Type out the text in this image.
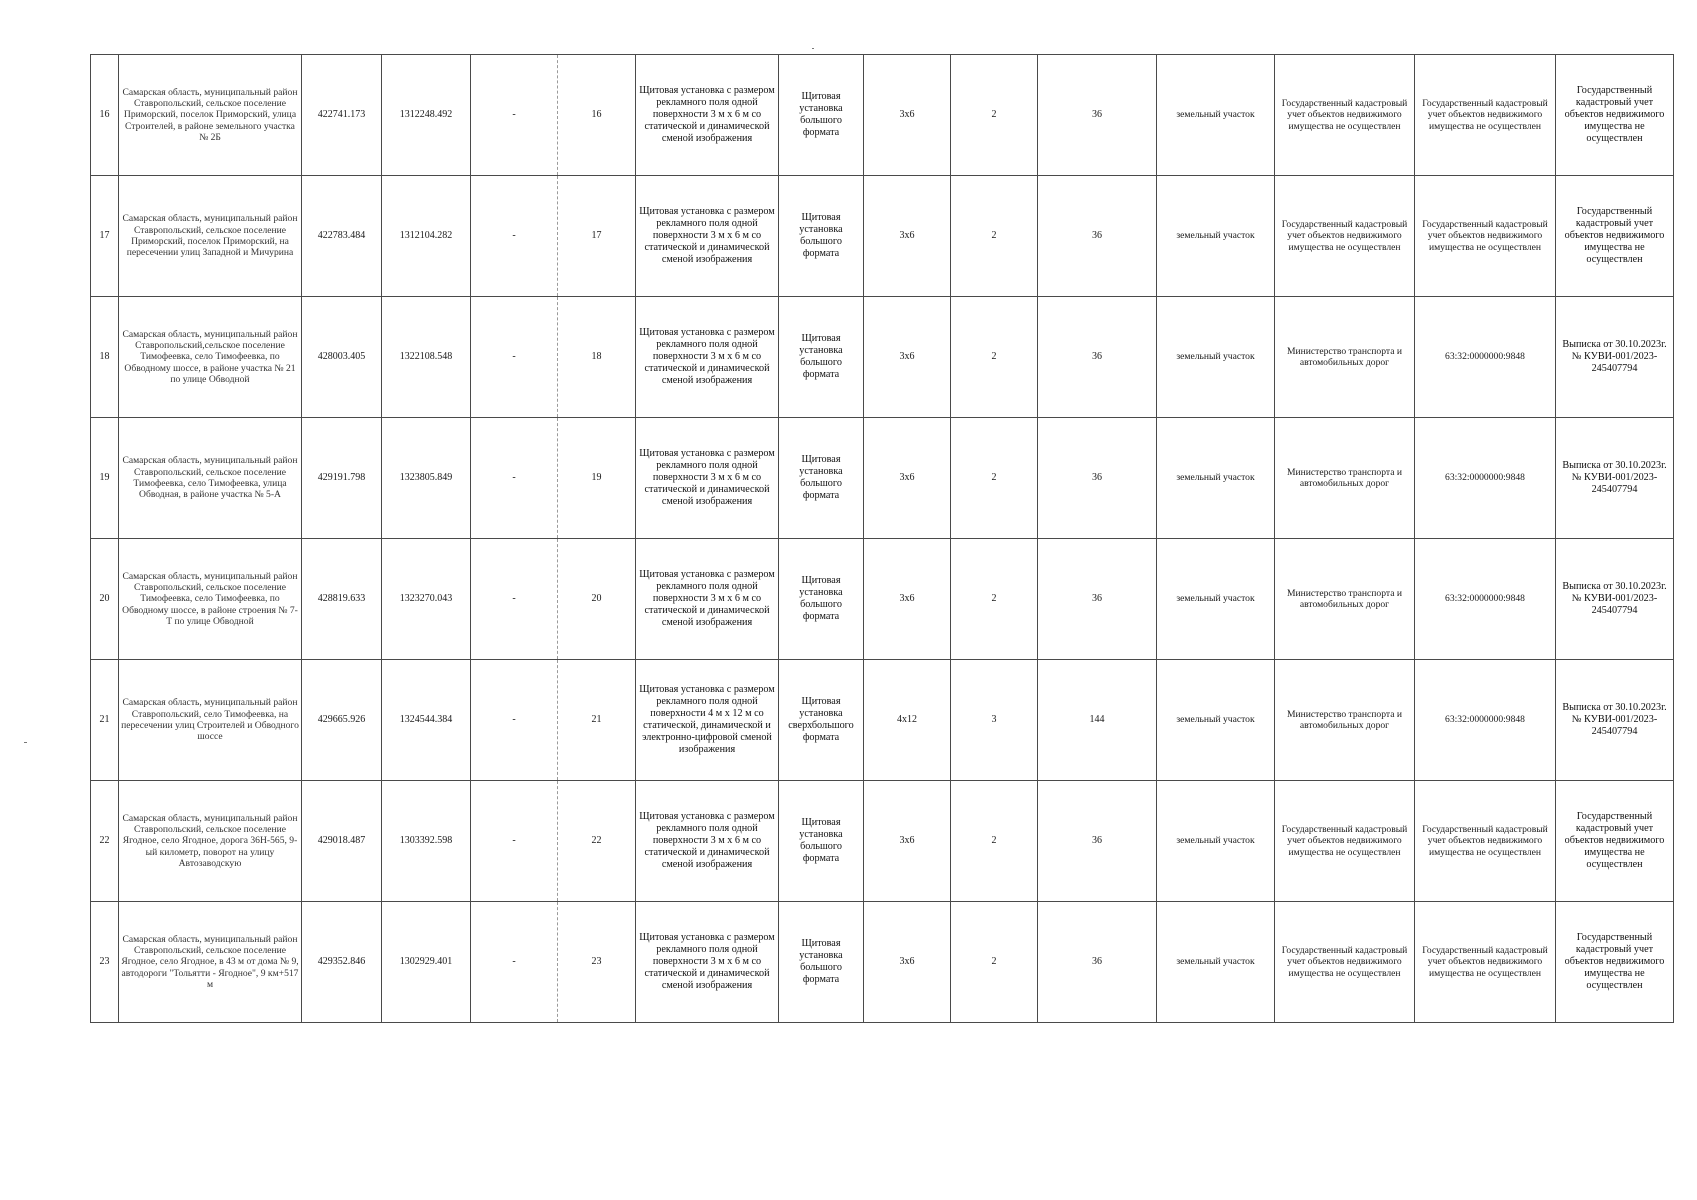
16	Самарская область, муниципальный район Ставропольский, сельское поселение Приморский, поселок Приморский, улица Строителей, в районе земельного участка № 2Б	422741.173	1312248.492	-	16	Щитовая установка с размером рекламного поля одной поверхности 3 м х 6 м со статической и динамической сменой изображения	Щитовая установка большого формата	3х6	2	36	земельный участок	Государственный кадастровый учет объектов недвижимого имущества не осуществлен	Государственный кадастровый учет объектов недвижимого имущества не осуществлен	Государственный кадастровый учет объектов недвижимого имущества не осуществлен
17	Самарская область, муниципальный район Ставропольский, сельское поселение Приморский, поселок Приморский, на пересечении улиц Западной и Мичурина	422783.484	1312104.282	-	17	Щитовая установка с размером рекламного поля одной поверхности 3 м х 6 м со статической и динамической сменой изображения	Щитовая установка большого формата	3х6	2	36	земельный участок	Государственный кадастровый учет объектов недвижимого имущества не осуществлен	Государственный кадастровый учет объектов недвижимого имущества не осуществлен	Государственный кадастровый учет объектов недвижимого имущества не осуществлен
18	Самарская область, муниципальный район Ставропольский,сельское поселение Тимофеевка, село Тимофеевка, по Обводному шоссе, в районе участка № 21 по улице Обводной	428003.405	1322108.548	-	18	Щитовая установка с размером рекламного поля одной поверхности 3 м х 6 м со статической и динамической сменой изображения	Щитовая установка большого формата	3х6	2	36	земельный участок	Министерство транспорта и автомобильных дорог	63:32:0000000:9848	Выписка от 30.10.2023г. № КУВИ-001/2023-245407794
19	Самарская область, муниципальный район Ставропольский, сельское поселение Тимофеевка, село Тимофеевка, улица Обводная, в районе участка № 5-А	429191.798	1323805.849	-	19	Щитовая установка с размером рекламного поля одной поверхности 3 м х 6 м со статической и динамической сменой изображения	Щитовая установка большого формата	3х6	2	36	земельный участок	Министерство транспорта и автомобильных дорог	63:32:0000000:9848	Выписка от 30.10.2023г. № КУВИ-001/2023-245407794
20	Самарская область, муниципальный район Ставропольский, сельское поселение Тимофеевка, село Тимофеевка, по Обводному шоссе, в районе строения № 7-Т по улице Обводной	428819.633	1323270.043	-	20	Щитовая установка с размером рекламного поля одной поверхности 3 м х 6 м со статической и динамической сменой изображения	Щитовая установка большого формата	3х6	2	36	земельный участок	Министерство транспорта и автомобильных дорог	63:32:0000000:9848	Выписка от 30.10.2023г. № КУВИ-001/2023-245407794
21	Самарская область, муниципальный район Ставропольский, село Тимофеевка, на пересечении улиц Строителей и Обводного шоссе	429665.926	1324544.384	-	21	Щитовая установка с размером рекламного поля одной поверхности 4 м х 12 м со статической, динамической и электронно-цифровой сменой изображения	Щитовая установка сверхбольшого формата	4х12	3	144	земельный участок	Министерство транспорта и автомобильных дорог	63:32:0000000:9848	Выписка от 30.10.2023г. № КУВИ-001/2023-245407794
22	Самарская область, муниципальный район Ставропольский, сельское поселение Ягодное, село Ягодное, дорога 36Н-565, 9-ый километр, поворот на улицу Автозаводскую	429018.487	1303392.598	-	22	Щитовая установка с размером рекламного поля одной поверхности 3 м х 6 м со статической и динамической сменой изображения	Щитовая установка большого формата	3х6	2	36	земельный участок	Государственный кадастровый учет объектов недвижимого имущества не осуществлен	Государственный кадастровый учет объектов недвижимого имущества не осуществлен	Государственный кадастровый учет объектов недвижимого имущества не осуществлен
23	Самарская область, муниципальный район Ставропольский, сельское поселение Ягодное, село Ягодное, в 43 м от дома № 9, автодороги "Тольятти - Ягодное", 9 км+517 м	429352.846	1302929.401	-	23	Щитовая установка с размером рекламного поля одной поверхности 3 м х 6 м со статической и динамической сменой изображения	Щитовая установка большого формата	3х6	2	36	земельный участок	Государственный кадастровый учет объектов недвижимого имущества не осуществлен	Государственный кадастровый учет объектов недвижимого имущества не осуществлен	Государственный кадастровый учет объектов недвижимого имущества не осуществлен
